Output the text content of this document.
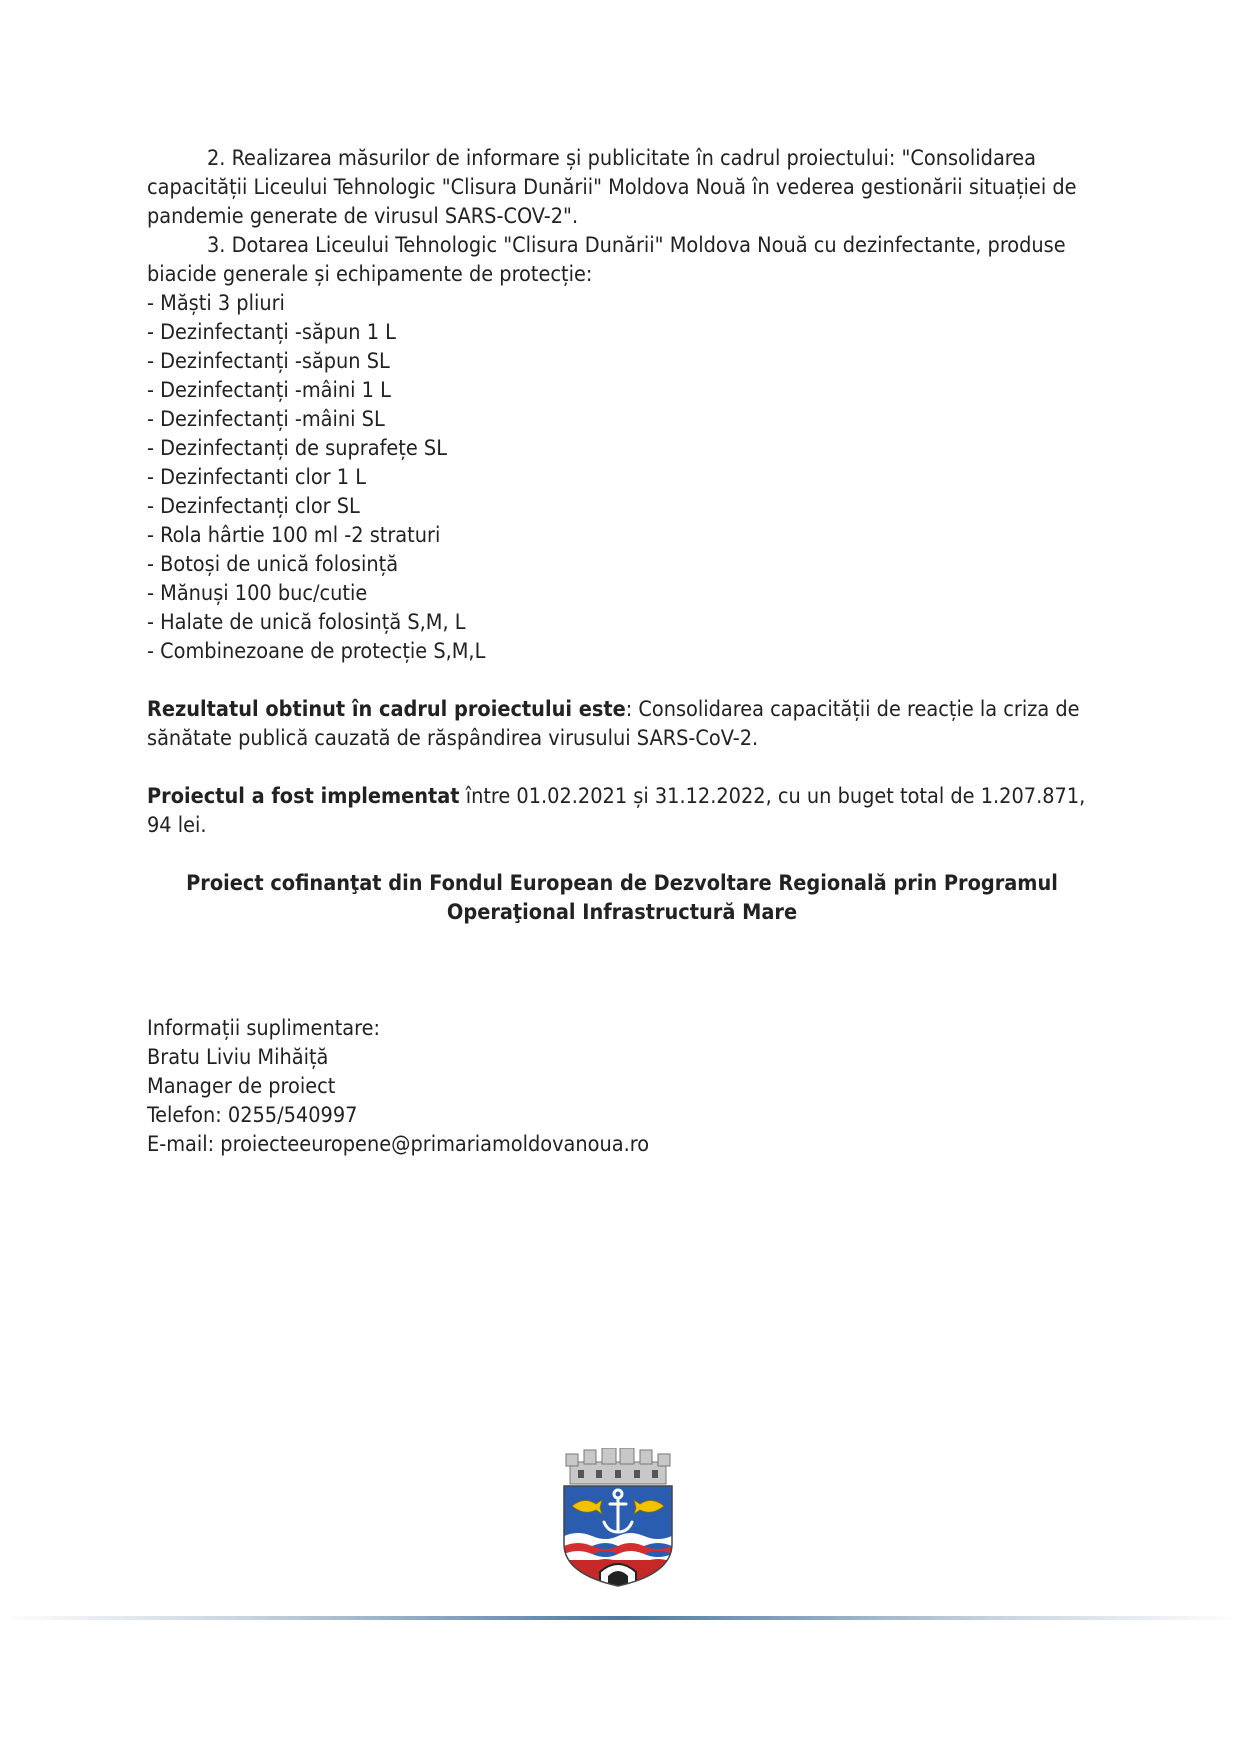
2. Realizarea măsurilor de informare și publicitate în cadrul proiectului: "Consolidarea capacității Liceului Tehnologic "Clisura Dunării" Moldova Nouă în vederea gestionării situației de pandemie generate de virusul SARS-COV-2".

3. Dotarea Liceului Tehnologic "Clisura Dunării" Moldova Nouă cu dezinfectante, produse biacide generale și echipamente de protecție:

- Măști 3 pliuri
- Dezinfectanți -săpun 1 L
- Dezinfectanți -săpun SL
- Dezinfectanți -mâini 1 L
- Dezinfectanți -mâini SL
- Dezinfectanți de suprafețe SL
- Dezinfectanti clor 1 L
- Dezinfectanți clor SL
- Rola hârtie 100 ml -2 straturi
- Botoși de unică folosință
- Mănuși 100 buc/cutie
- Halate de unică folosință S,M, L
- Combinezoane de protecție S,M,L

Rezultatul obtinut în cadrul proiectului este: Consolidarea capacității de reacție la criza de sănătate publică cauzată de răspândirea virusului SARS-CoV-2.

Proiectul a fost implementat între 01.02.2021 și 31.12.2022, cu un buget total de 1.207.871, 94 lei.

Proiect cofinanţat din Fondul European de Dezvoltare Regională prin Programul Operaţional Infrastructură Mare

Informații suplimentare:

Bratu Liviu Mihăiță

Manager de proiect

Telefon: 0255/540997

E-mail: proiecteeuropene@primariamoldovanoua.ro
